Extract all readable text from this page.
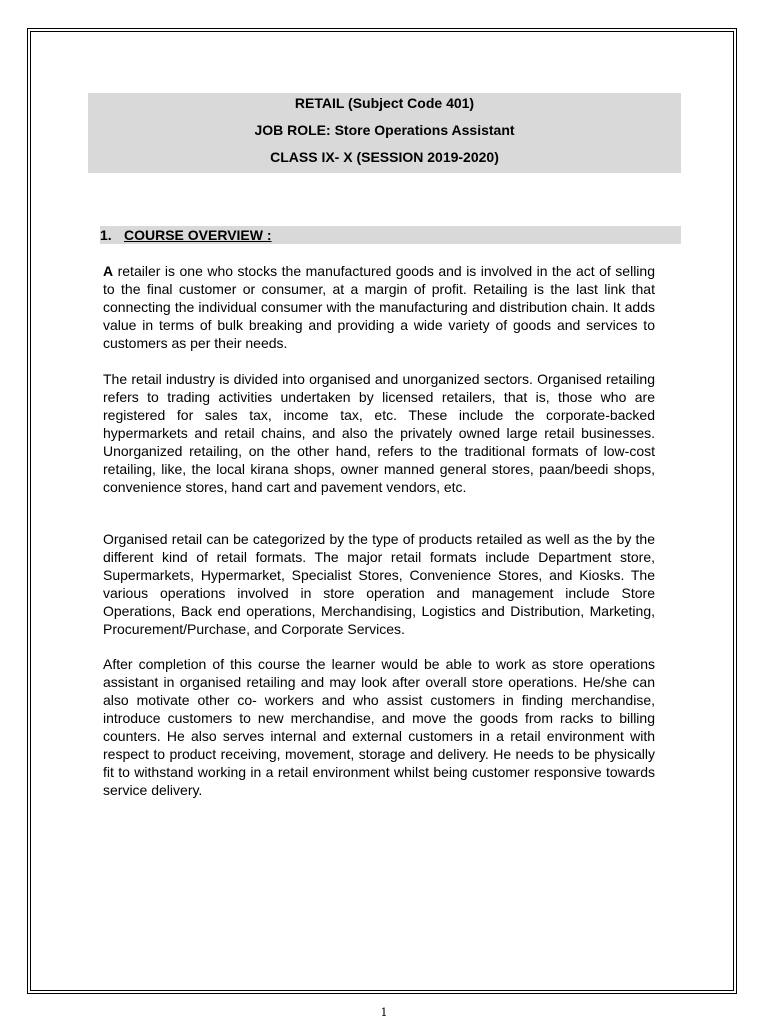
RETAIL (Subject Code 401)
JOB ROLE: Store Operations Assistant
CLASS IX- X (SESSION 2019-2020)
1. COURSE OVERVIEW :

A retailer is one who stocks the manufactured goods and is involved in the act of selling to the final customer or consumer, at a margin of profit. Retailing is the last link that connecting the individual consumer with the manufacturing and distribution chain. It adds value in terms of bulk breaking and providing a wide variety of goods and services to customers as per their needs.

The retail industry is divided into organised and unorganized sectors. Organised retailing refers to trading activities undertaken by licensed retailers, that is, those who are registered for sales tax, income tax, etc. These include the corporate-backed hypermarkets and retail chains, and also the privately owned large retail businesses. Unorganized retailing, on the other hand, refers to the traditional formats of low-cost retailing, like, the local kirana shops, owner manned general stores, paan/beedi shops, convenience stores, hand cart and pavement vendors, etc.

Organised retail can be categorized by the type of products retailed as well as the by the different kind of retail formats. The major retail formats include Department store, Supermarkets, Hypermarket, Specialist Stores, Convenience Stores, and Kiosks. The various operations involved in store operation and management include Store Operations, Back end operations, Merchandising, Logistics and Distribution, Marketing, Procurement/Purchase, and Corporate Services.

After completion of this course the learner would be able to work as store operations assistant in organised retailing and may look after overall store operations. He/she can also motivate other co- workers and who assist customers in finding merchandise, introduce customers to new merchandise, and move the goods from racks to billing counters. He also serves internal and external customers in a retail environment with respect to product receiving, movement, storage and delivery. He needs to be physically fit to withstand working in a retail environment whilst being customer responsive towards service delivery.

1
